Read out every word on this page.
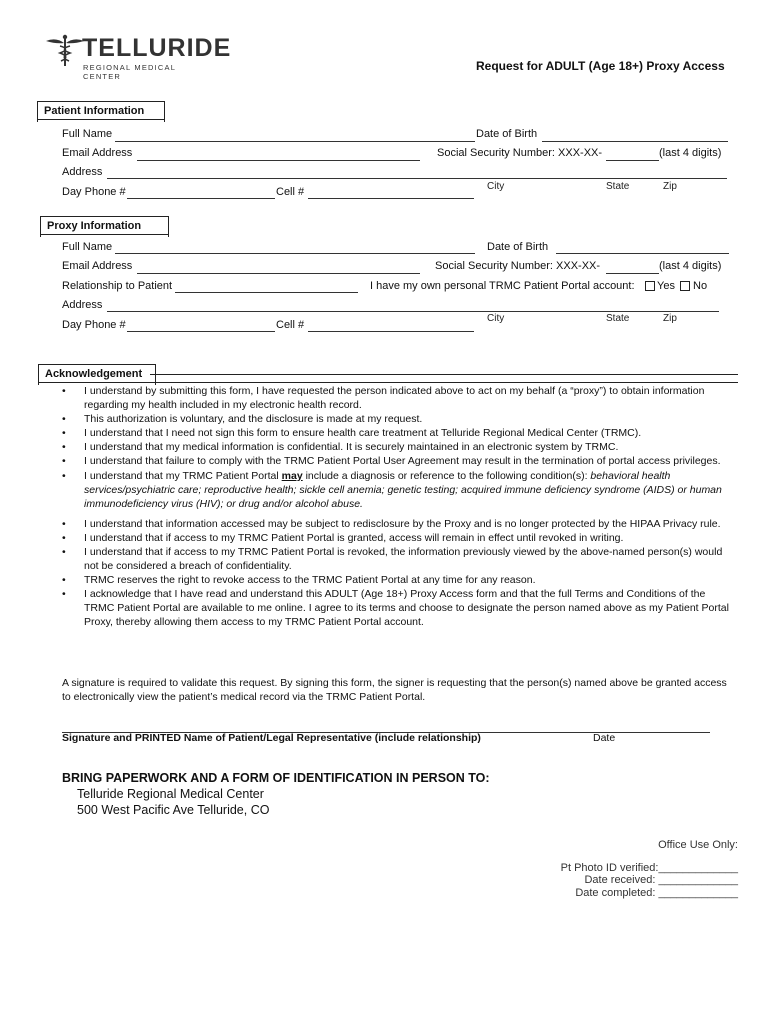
TELLURIDE
REGIONAL MEDICAL CENTER
Request for ADULT (Age 18+) Proxy Access
Patient Information
Full Name	Date of Birth
Email Address	Social Security Number: XXX-XX-	(last 4 digits)
Address
City	State	Zip
Day Phone #	Cell #
Proxy Information
Full Name	Date of Birth
Email Address	Social Security Number: XXX-XX-	(last 4 digits)
Relationship to Patient	I have my own personal TRMC Patient Portal account: Yes No
Address
City	State	Zip
Day Phone #	Cell #
Acknowledgement
• I understand by submitting this form, I have requested the person indicated above to act on my behalf (a “proxy”) to obtain information regarding my health included in my electronic health record.
• This authorization is voluntary, and the disclosure is made at my request.
• I understand that I need not sign this form to ensure health care treatment at Telluride Regional Medical Center (TRMC).
• I understand that my medical information is confidential. It is securely maintained in an electronic system by TRMC.
• I understand that failure to comply with the TRMC Patient Portal User Agreement may result in the termination of portal access privileges.
• I understand that my TRMC Patient Portal may include a diagnosis or reference to the following condition(s): behavioral health services/psychiatric care; reproductive health; sickle cell anemia; genetic testing; acquired immune deficiency syndrome (AIDS) or human immunodeficiency virus (HIV); or drug and/or alcohol abuse.
• I understand that information accessed may be subject to redisclosure by the Proxy and is no longer protected by the HIPAA Privacy rule.
• I understand that if access to my TRMC Patient Portal is granted, access will remain in effect until revoked in writing.
• I understand that if access to my TRMC Patient Portal is revoked, the information previously viewed by the above-named person(s) would not be considered a breach of confidentiality.
• TRMC reserves the right to revoke access to the TRMC Patient Portal at any time for any reason.
• I acknowledge that I have read and understand this ADULT (Age 18+) Proxy Access form and that the full Terms and Conditions of the TRMC Patient Portal are available to me online. I agree to its terms and choose to designate the person named above as my Patient Portal Proxy, thereby allowing them access to my TRMC Patient Portal account.
A signature is required to validate this request. By signing this form, the signer is requesting that the person(s) named above be granted access to electronically view the patient’s medical record via the TRMC Patient Portal.
Signature and PRINTED Name of Patient/Legal Representative (include relationship)	Date
BRING PAPERWORK AND A FORM OF IDENTIFICATION IN PERSON TO:
Telluride Regional Medical Center
500 West Pacific Ave Telluride, CO
Office Use Only:
Pt Photo ID verified:_____________
Date received: _____________
Date completed: _____________
